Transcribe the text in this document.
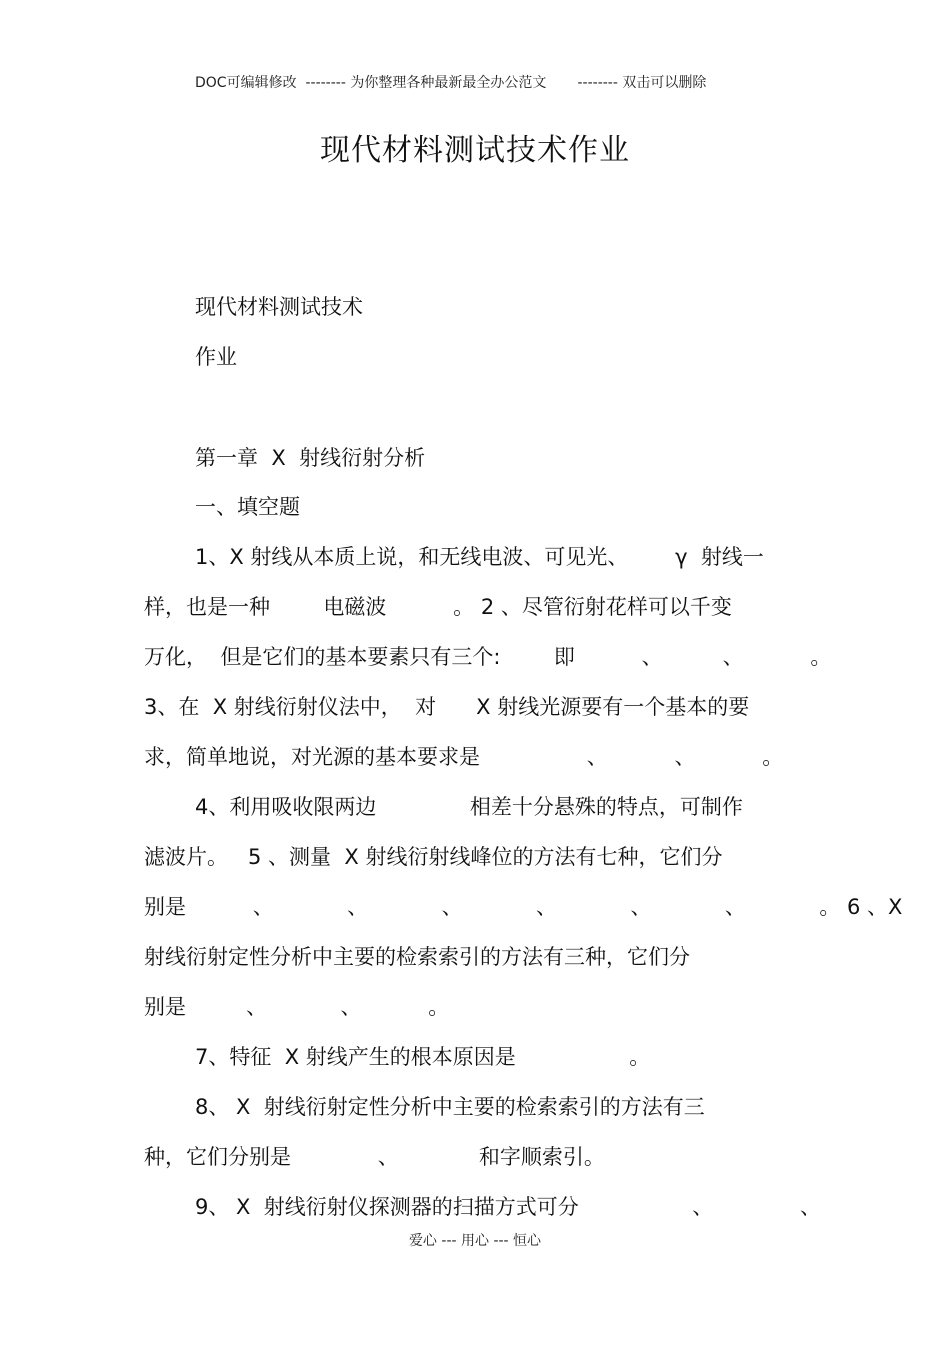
DOC可编辑修改  -------- 为你整理各种最新最全办公范文       -------- 双击可以删除
现代材料测试技术作业
现代材料测试技术
作业
第一章  X  射线衍射分析
一、填空题
1、X 射线从本质上说，和无线电波、可见光、       γ  射线一
样，也是一种        电磁波          。 2 、尽管衍射花样可以千变
万化，  但是它们的基本要素只有三个:        即          、         、          。
3、在  X 射线衍射仪法中，  对      X 射线光源要有一个基本的要
求，简单地说，对光源的基本要求是                、          、          。
4、利用吸收限两边              相差十分悬殊的特点，可制作
滤波片。   5 、测量  X 射线衍射线峰位的方法有七种，它们分
别是          、           、           、           、           、           、           。 6 、X
射线衍射定性分析中主要的检索索引的方法有三种，它们分
别是         、           、          。
7、特征  X 射线产生的根本原因是                 。
8、 X  射线衍射定性分析中主要的检索索引的方法有三
种，它们分别是             、            和字顺索引。
9、 X  射线衍射仪探测器的扫描方式可分                 、             、
爱心 --- 用心 --- 恒心
